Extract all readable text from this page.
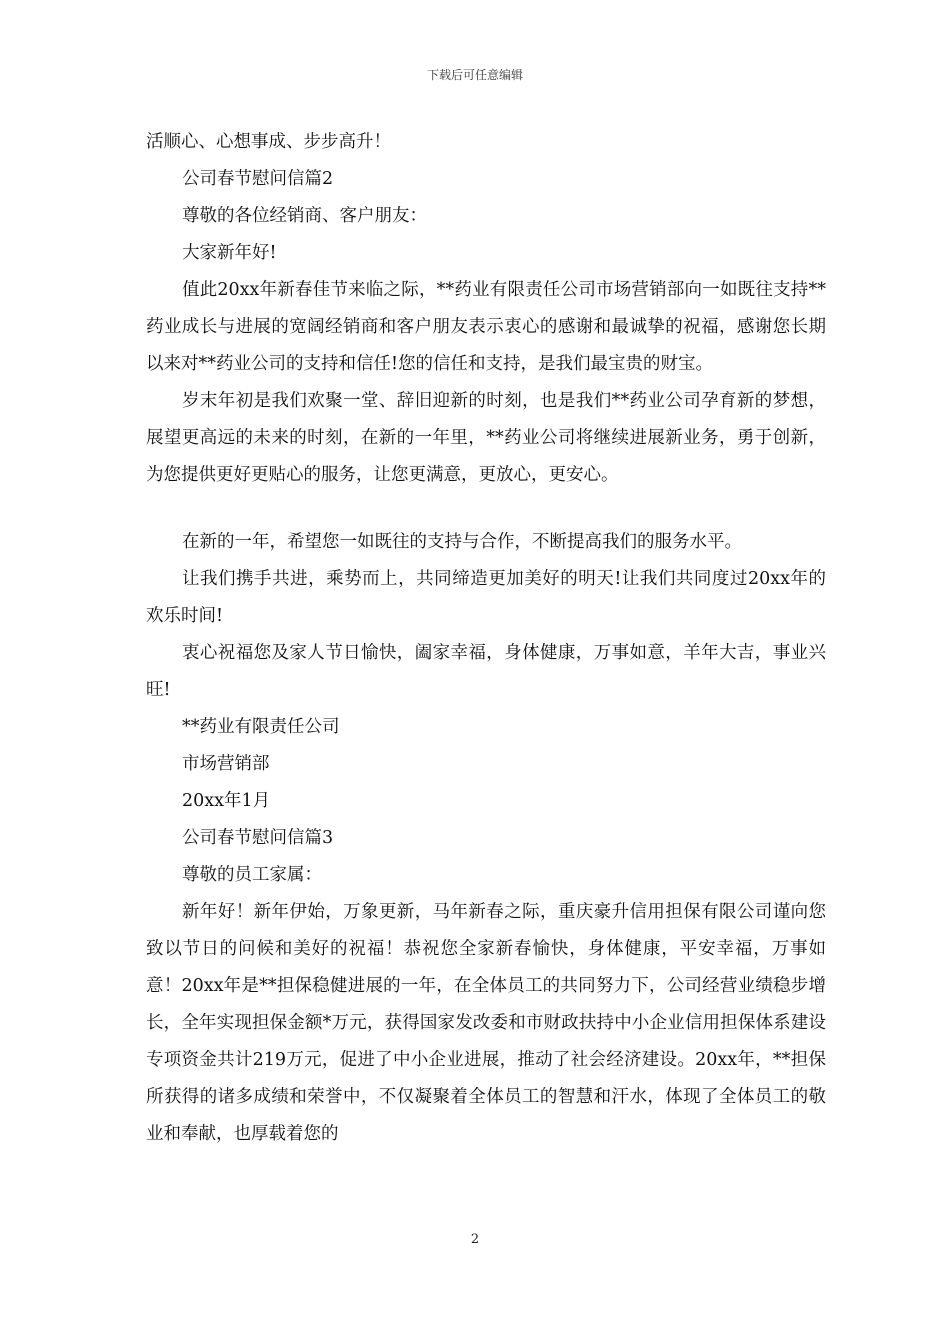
下载后可任意编辑

活顺心、心想事成、步步高升！

公司春节慰问信篇2

尊敬的各位经销商、客户朋友：

大家新年好!

值此20xx年新春佳节来临之际，**药业有限责任公司市场营销部向一如既往支持**药业成长与进展的宽阔经销商和客户朋友表示衷心的感谢和最诚挚的祝福，感谢您长期以来对**药业公司的支持和信任!您的信任和支持，是我们最宝贵的财宝。

岁末年初是我们欢聚一堂、辞旧迎新的时刻，也是我们**药业公司孕育新的梦想，展望更高远的未来的时刻，在新的一年里，**药业公司将继续进展新业务，勇于创新，为您提供更好更贴心的服务，让您更满意，更放心，更安心。

在新的一年，希望您一如既往的支持与合作，不断提高我们的服务水平。

让我们携手共进，乘势而上，共同缔造更加美好的明天!让我们共同度过20xx年的欢乐时间!

衷心祝福您及家人节日愉快，阖家幸福，身体健康，万事如意，羊年大吉，事业兴旺!

**药业有限责任公司

市场营销部

20xx年1月

公司春节慰问信篇3

尊敬的员工家属：

新年好！新年伊始，万象更新，马年新春之际，重庆豪升信用担保有限公司谨向您致以节日的问候和美好的祝福！恭祝您全家新春愉快，身体健康，平安幸福，万事如意！20xx年是**担保稳健进展的一年，在全体员工的共同努力下，公司经营业绩稳步增长，全年实现担保金额*万元，获得国家发改委和市财政扶持中小企业信用担保体系建设专项资金共计219万元，促进了中小企业进展，推动了社会经济建设。20xx年，**担保所获得的诸多成绩和荣誉中，不仅凝聚着全体员工的智慧和汗水，体现了全体员工的敬业和奉献，也厚载着您的

2
